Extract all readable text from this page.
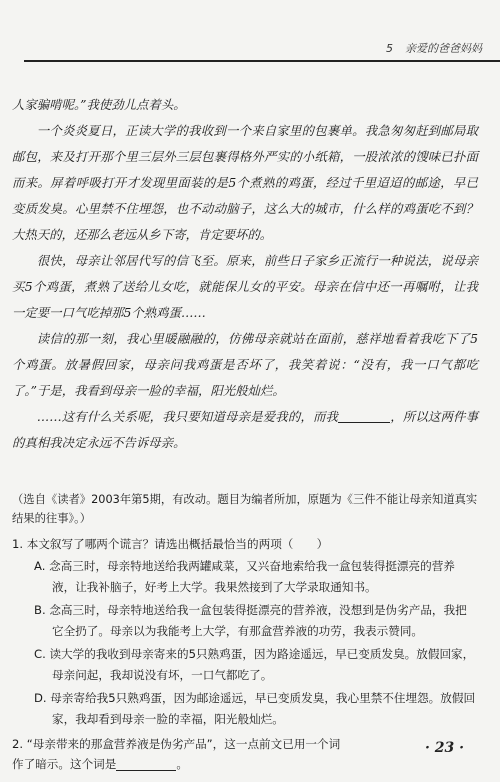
5 亲爱的爸爸妈妈

人家骗啃呢。”我使劲儿点着头。

一个炎炎夏日，正读大学的我收到一个来自家里的包裹单。我急匆匆赶到邮局取邮包，来及打开那个里三层外三层包裹得格外严实的小纸箱，一股浓浓的馊味已扑面而来。屏着呼吸打开才发现里面装的是5个煮熟的鸡蛋，经过千里迢迢的邮途，早已变质发臭。心里禁不住埋怨，也不动动脑子，这么大的城市，什么样的鸡蛋吃不到？大热天的，还那么老远从乡下寄，肯定要坏的。

很快，母亲让邻居代写的信飞至。原来，前些日子家乡正流行一种说法，说母亲买5个鸡蛋，煮熟了送给儿女吃，就能保儿女的平安。母亲在信中还一再嘱咐，让我一定要一口气吃掉那5个熟鸡蛋……

读信的那一刻，我心里暖融融的，仿佛母亲就站在面前，慈祥地看着我吃下了5个鸡蛋。放暑假回家，母亲问我鸡蛋是否坏了，我笑着说：“没有，我一口气都吃了。”于是，我看到母亲一脸的幸福，阳光般灿烂。

……这有什么关系呢，我只要知道母亲是爱我的，而我	，所以这两件事的真相我决定永远不告诉母亲。

（选自《读者》2003年第5期，有改动。题目为编者所加，原题为《三件不能让母亲知道真实结果的往事》。）
1. 本文叙写了哪两个谎言？请选出概括最恰当的两项（　　）
A. 念高三时，母亲特地送给我两罐咸菜，又兴奋地索给我一盒包装得挺漂亮的营养液，让我补脑子，好考上大学。我果然接到了大学录取通知书。
B. 念高三时，母亲特地送给我一盒包装得挺漂亮的营养液，没想到是伪劣产品，我把它全扔了。母亲以为我能考上大学，有那盒营养液的功劳，我表示赞同。
C. 读大学的我收到母亲寄来的5只熟鸡蛋，因为路途遥远，早已变质发臭。放假回家，母亲问起，我却说没有坏，一口气都吃了。
D. 母亲寄给我5只熟鸡蛋，因为邮途遥远，早已变质发臭，我心里禁不住埋怨。放假回家，我却看到母亲一脸的幸福，阳光般灿烂。
2. “母亲带来的那盒营养液是伪劣产品”，这一点前文已用一个词作了暗示。这个词是	。
· 23 ·
